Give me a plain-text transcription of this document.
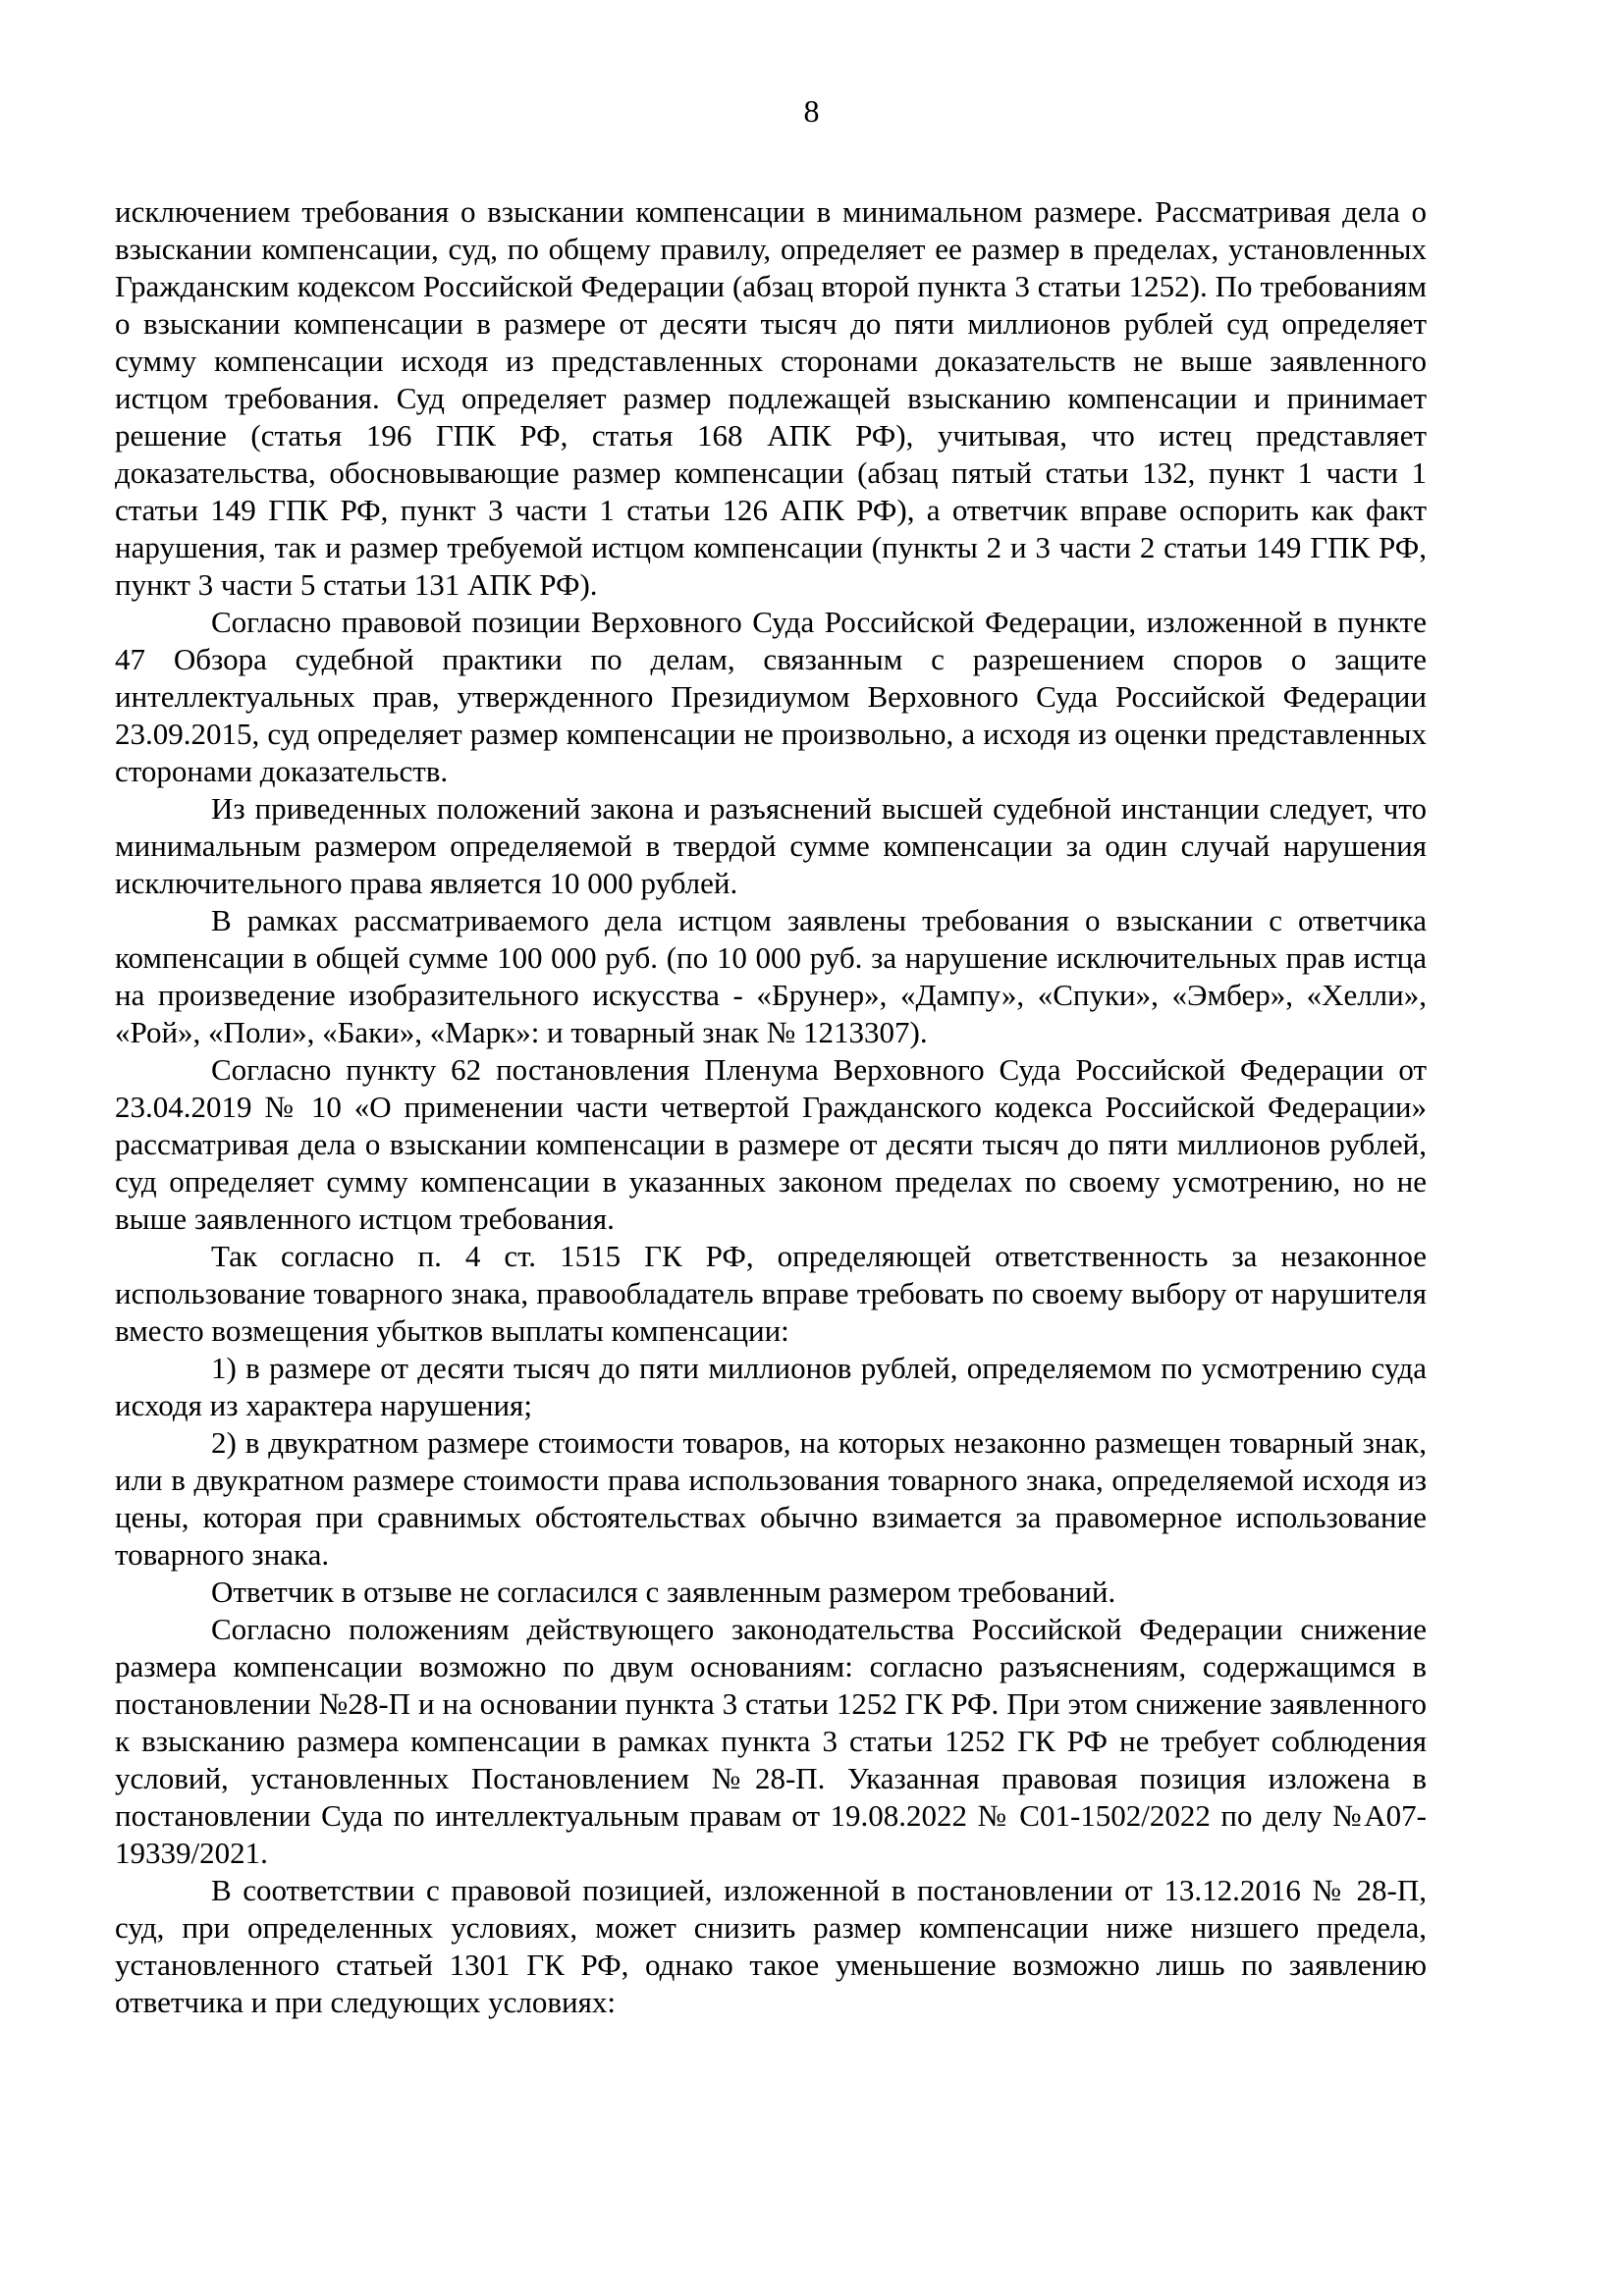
8

исключением требования о взыскании компенсации в минимальном размере. Рассматривая дела о взыскании компенсации, суд, по общему правилу, определяет ее размер в пределах, установленных Гражданским кодексом Российской Федерации (абзац второй пункта 3 статьи 1252). По требованиям о взыскании компенсации в размере от десяти тысяч до пяти миллионов рублей суд определяет сумму компенсации исходя из представленных сторонами доказательств не выше заявленного истцом требования. Суд определяет размер подлежащей взысканию компенсации и принимает решение (статья 196 ГПК РФ, статья 168 АПК РФ), учитывая, что истец представляет доказательства, обосновывающие размер компенсации (абзац пятый статьи 132, пункт 1 части 1 статьи 149 ГПК РФ, пункт 3 части 1 статьи 126 АПК РФ), а ответчик вправе оспорить как факт нарушения, так и размер требуемой истцом компенсации (пункты 2 и 3 части 2 статьи 149 ГПК РФ, пункт 3 части 5 статьи 131 АПК РФ).

Согласно правовой позиции Верховного Суда Российской Федерации, изложенной в пункте 47 Обзора судебной практики по делам, связанным с разрешением споров о защите интеллектуальных прав, утвержденного Президиумом Верховного Суда Российской Федерации 23.09.2015, суд определяет размер компенсации не произвольно, а исходя из оценки представленных сторонами доказательств.

Из приведенных положений закона и разъяснений высшей судебной инстанции следует, что минимальным размером определяемой в твердой сумме компенсации за один случай нарушения исключительного права является 10 000 рублей.

В рамках рассматриваемого дела истцом заявлены требования о взыскании с ответчика компенсации в общей сумме 100 000 руб. (по 10 000 руб. за нарушение исключительных прав истца на произведение изобразительного искусства - «Брунер», «Дампу», «Спуки», «Эмбер», «Хелли», «Рой», «Поли», «Баки», «Марк»: и товарный знак № 1213307).

Согласно пункту 62 постановления Пленума Верховного Суда Российской Федерации от 23.04.2019 № 10 «О применении части четвертой Гражданского кодекса Российской Федерации» рассматривая дела о взыскании компенсации в размере от десяти тысяч до пяти миллионов рублей, суд определяет сумму компенсации в указанных законом пределах по своему усмотрению, но не выше заявленного истцом требования.

Так согласно п. 4 ст. 1515 ГК РФ, определяющей ответственность за незаконное использование товарного знака, правообладатель вправе требовать по своему выбору от нарушителя вместо возмещения убытков выплаты компенсации:

1) в размере от десяти тысяч до пяти миллионов рублей, определяемом по усмотрению суда исходя из характера нарушения;

2) в двукратном размере стоимости товаров, на которых незаконно размещен товарный знак, или в двукратном размере стоимости права использования товарного знака, определяемой исходя из цены, которая при сравнимых обстоятельствах обычно взимается за правомерное использование товарного знака.

Ответчик в отзыве не согласился с заявленным размером требований.

Согласно положениям действующего законодательства Российской Федерации снижение размера компенсации возможно по двум основаниям: согласно разъяснениям, содержащимся в постановлении №28-П и на основании пункта 3 статьи 1252 ГК РФ. При этом снижение заявленного к взысканию размера компенсации в рамках пункта 3 статьи 1252 ГК РФ не требует соблюдения условий, установленных Постановлением №28-П. Указанная правовая позиция изложена в постановлении Суда по интеллектуальным правам от 19.08.2022 № С01-1502/2022 по делу №А07- 19339/2021.

В соответствии с правовой позицией, изложенной в постановлении от 13.12.2016 № 28-П, суд, при определенных условиях, может снизить размер компенсации ниже низшего предела, установленного статьей 1301 ГК РФ, однако такое уменьшение возможно лишь по заявлению ответчика и при следующих условиях:
